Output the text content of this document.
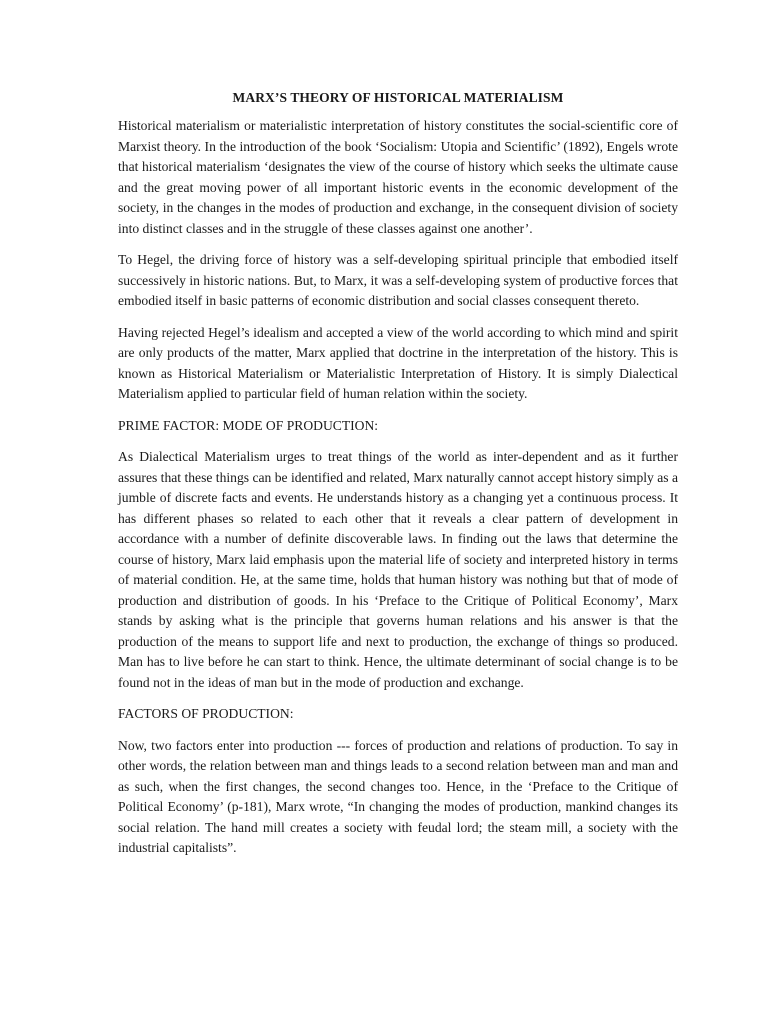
MARX’S THEORY OF HISTORICAL MATERIALISM

Historical materialism or materialistic interpretation of history constitutes the social-scientific core of Marxist theory. In the introduction of the book ‘Socialism: Utopia and Scientific’ (1892), Engels wrote that historical materialism ‘designates the view of the course of history which seeks the ultimate cause and the great moving power of all important historic events in the economic development of the society, in the changes in the modes of production and exchange, in the consequent division of society into distinct classes and in the struggle of these classes against one another’.

To Hegel, the driving force of history was a self-developing spiritual principle that embodied itself successively in historic nations. But, to Marx, it was a self-developing system of productive forces that embodied itself in basic patterns of economic distribution and social classes consequent thereto.

Having rejected Hegel’s idealism and accepted a view of the world according to which mind and spirit are only products of the matter, Marx applied that doctrine in the interpretation of the history. This is known as Historical Materialism or Materialistic Interpretation of History. It is simply Dialectical Materialism applied to particular field of human relation within the society.

PRIME FACTOR: MODE OF PRODUCTION:

As Dialectical Materialism urges to treat things of the world as inter-dependent and as it further assures that these things can be identified and related, Marx naturally cannot accept history simply as a jumble of discrete facts and events. He understands history as a changing yet a continuous process. It has different phases so related to each other that it reveals a clear pattern of development in accordance with a number of definite discoverable laws. In finding out the laws that determine the course of history, Marx laid emphasis upon the material life of society and interpreted history in terms of material condition. He, at the same time, holds that human history was nothing but that of mode of production and distribution of goods. In his ‘Preface to the Critique of Political Economy’, Marx stands by asking what is the principle that governs human relations and his answer is that the production of the means to support life and next to production, the exchange of things so produced. Man has to live before he can start to think. Hence, the ultimate determinant of social change is to be found not in the ideas of man but in the mode of production and exchange.

FACTORS OF PRODUCTION:

Now, two factors enter into production --- forces of production and relations of production. To say in other words, the relation between man and things leads to a second relation between man and man and as such, when the first changes, the second changes too. Hence, in the ‘Preface to the Critique of Political Economy’ (p-181), Marx wrote, “In changing the modes of production, mankind changes its social relation. The hand mill creates a society with feudal lord; the steam mill, a society with the industrial capitalists”.
